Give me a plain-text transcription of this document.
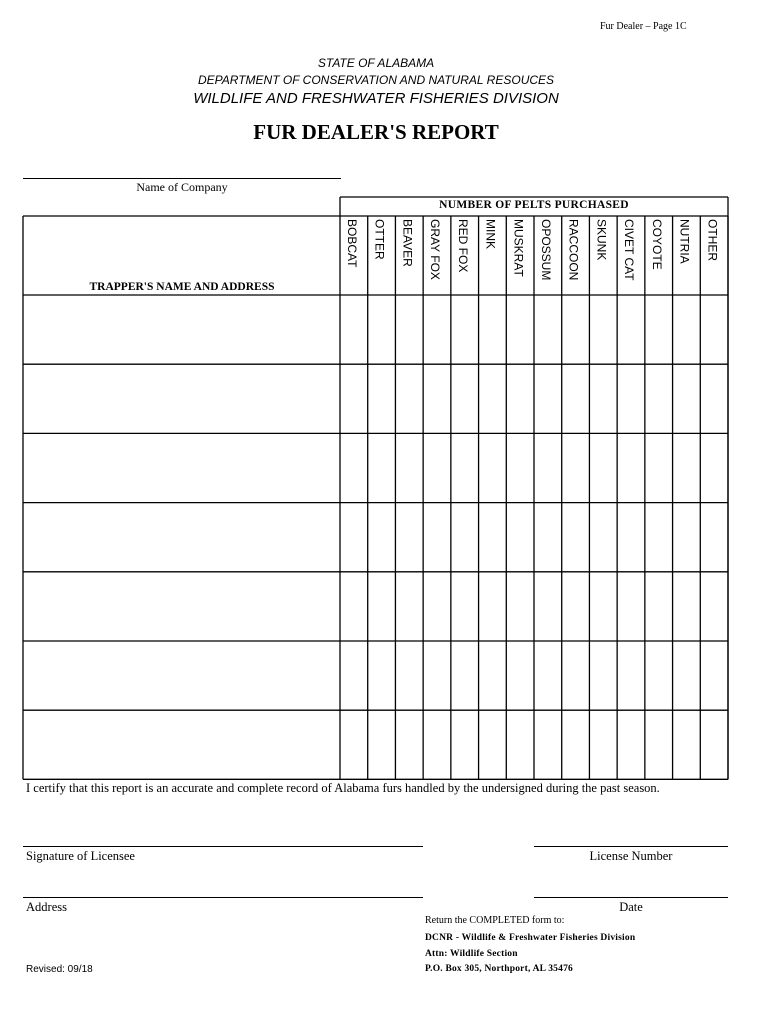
Fur Dealer – Page 1C
STATE OF ALABAMA
DEPARTMENT OF CONSERVATION AND NATURAL RESOUCES
WILDLIFE AND FRESHWATER FISHERIES DIVISION
FUR DEALER'S REPORT
Name of Company
NUMBER OF PELTS PURCHASED
TRAPPER'S NAME AND ADDRESS
BOBCAT OTTER BEAVER GRAY FOX RED FOX MINK MUSKRAT OPOSSUM RACCOON SKUNK CIVET CAT COYOTE NUTRIA OTHER
I certify that this report is an accurate and complete record of Alabama furs handled by the undersigned during the past season.
Signature of Licensee	License Number
Address	Date
Return the COMPLETED form to:
DCNR - Wildlife & Freshwater Fisheries Division
Attn: Wildlife Section
P.O. Box 305, Northport, AL 35476
Revised: 09/18
